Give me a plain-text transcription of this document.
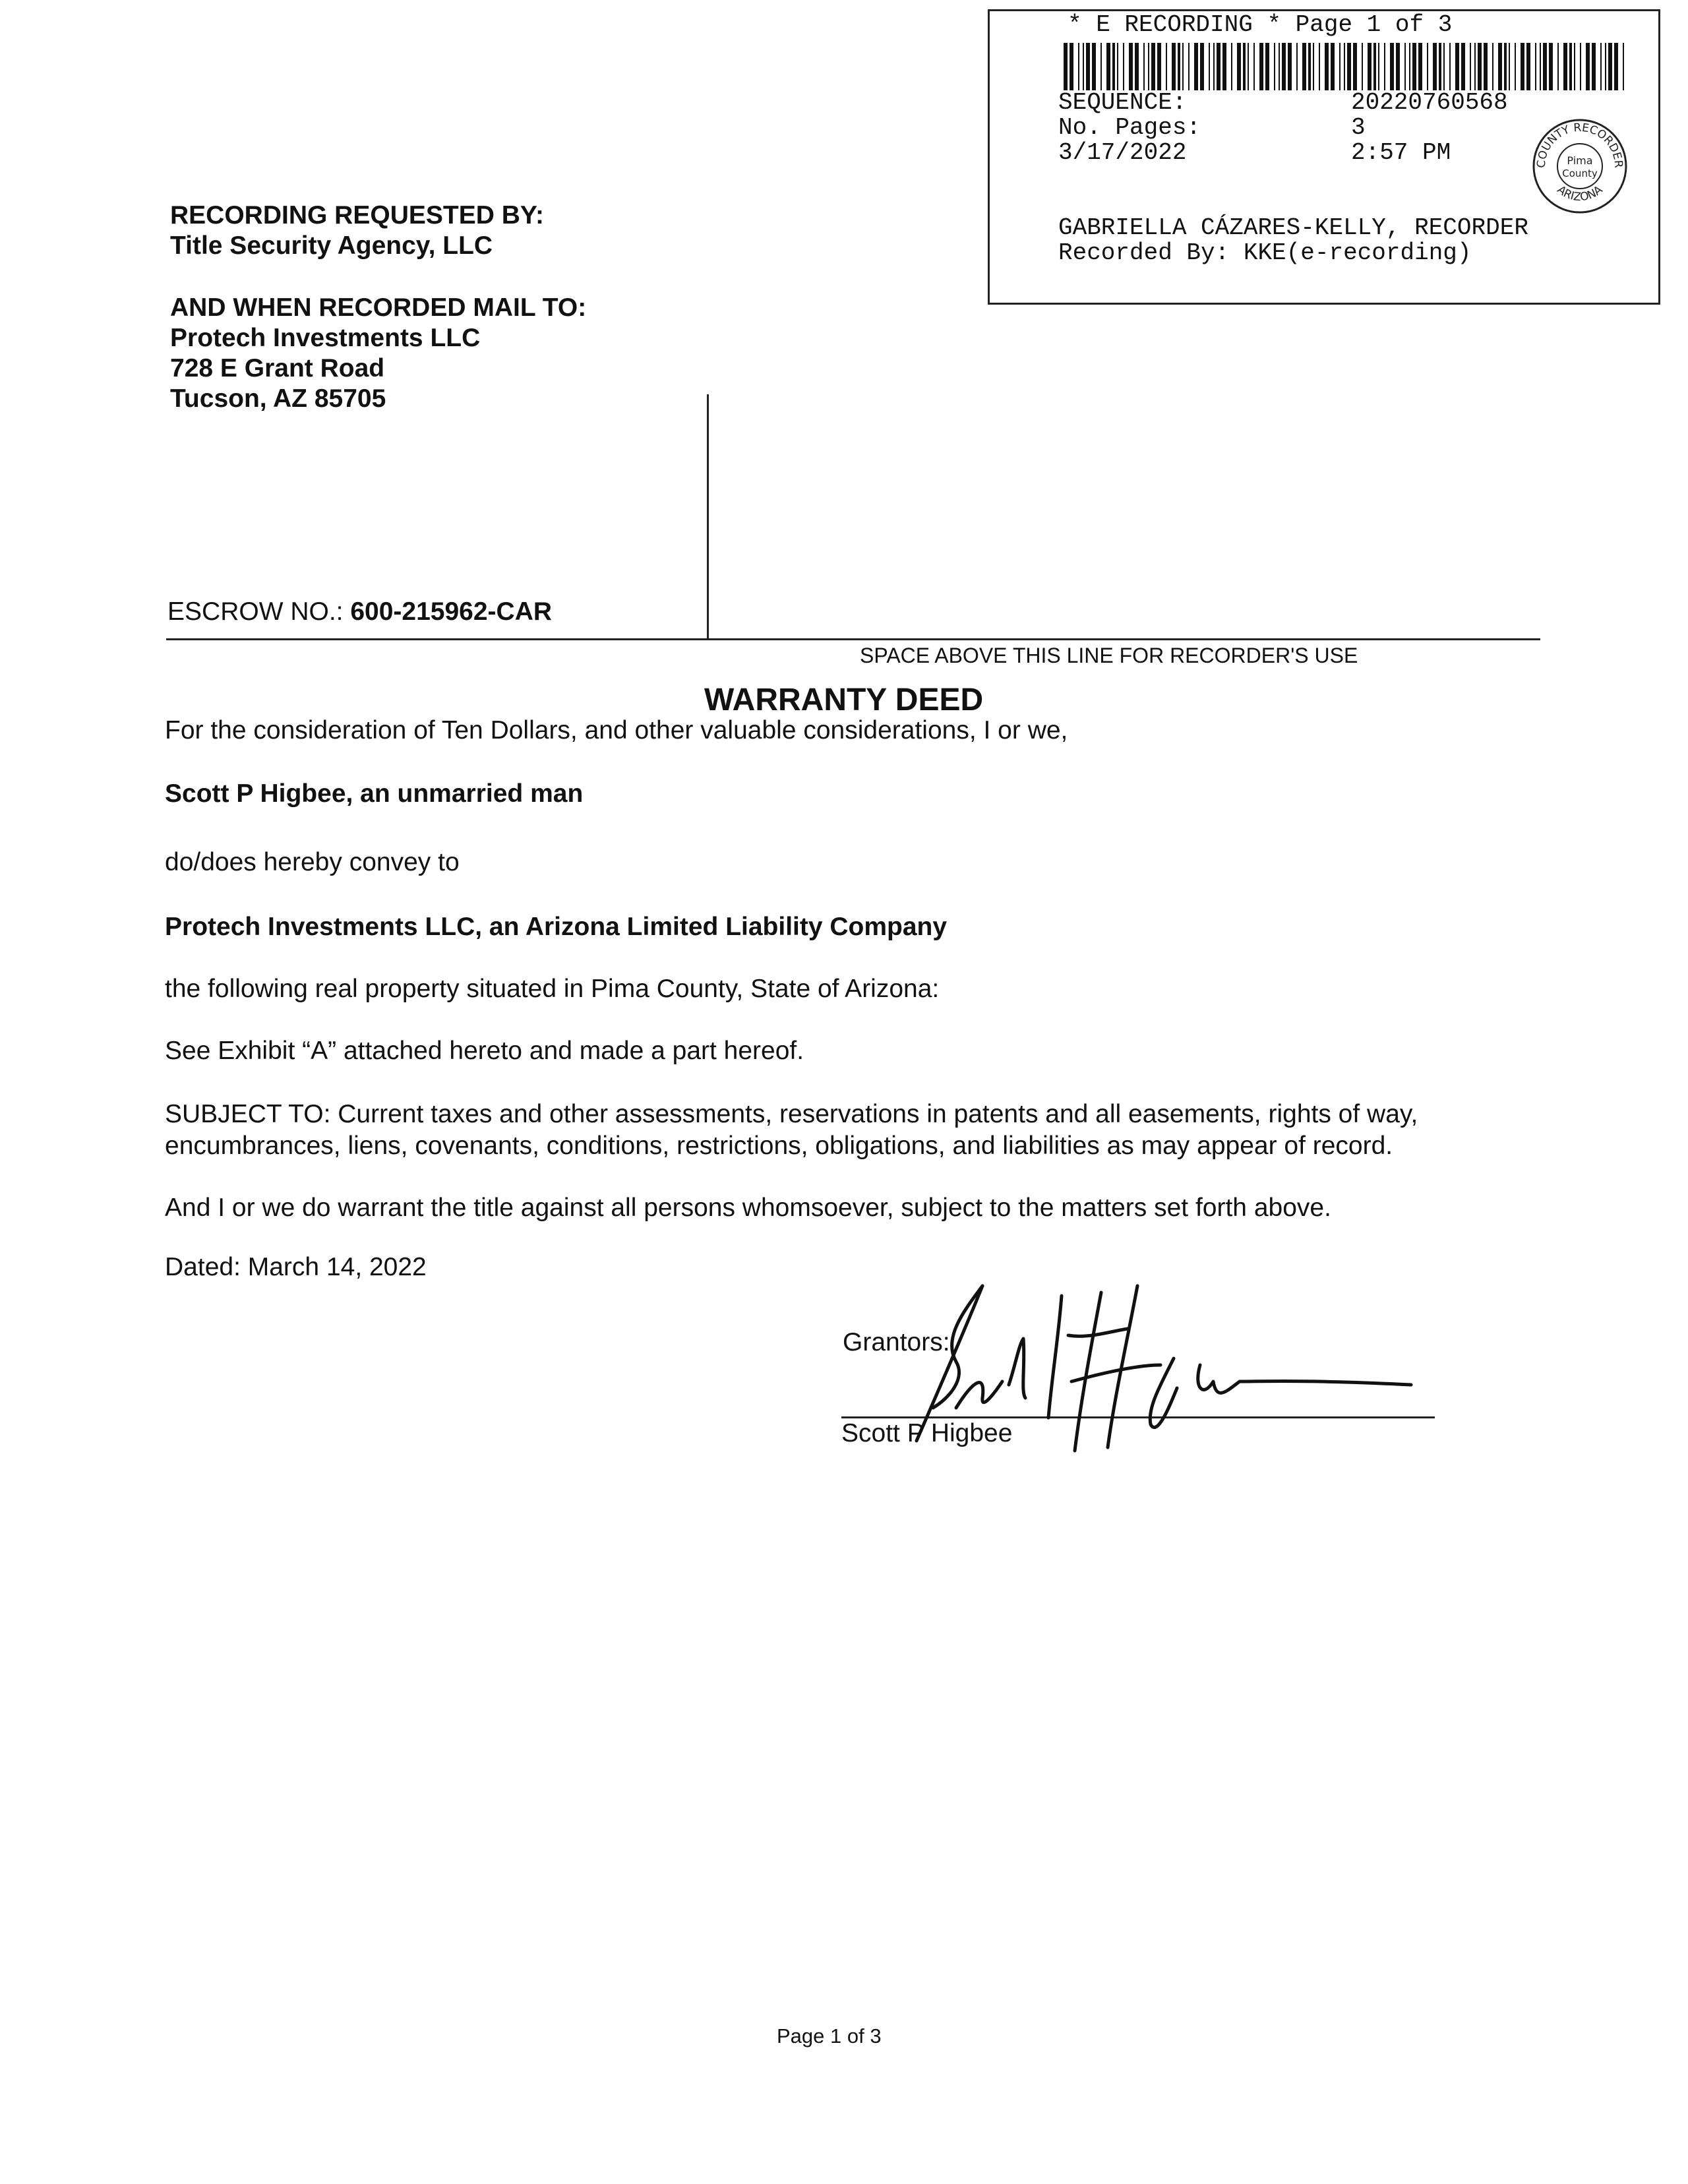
* E RECORDING * Page 1 of 3
SEQUENCE:	20220760568
No. Pages:	3
3/17/2022	2:57 PM	COUNTY RECORDER
ARIZONA
Pima
County
GABRIELLA CÁZARES-KELLY, RECORDER
Recorded By: KKE(e-recording)
RECORDING REQUESTED BY:
Title Security Agency, LLC
AND WHEN RECORDED MAIL TO:
Protech Investments LLC
728 E Grant Road
Tucson, AZ 85705
ESCROW NO.: 600-215962-CAR
SPACE ABOVE THIS LINE FOR RECORDER'S USE
WARRANTY DEED
For the consideration of Ten Dollars, and other valuable considerations, I or we,
Scott P Higbee, an unmarried man
do/does hereby convey to
Protech Investments LLC, an Arizona Limited Liability Company
the following real property situated in Pima County, State of Arizona:
See Exhibit “A” attached hereto and made a part hereof.
SUBJECT TO: Current taxes and other assessments, reservations in patents and all easements, rights of way,
encumbrances, liens, covenants, conditions, restrictions, obligations, and liabilities as may appear of record.
And I or we do warrant the title against all persons whomsoever, subject to the matters set forth above.
Dated: March 14, 2022
Grantors:
Scott P Higbee
Page 1 of 3
